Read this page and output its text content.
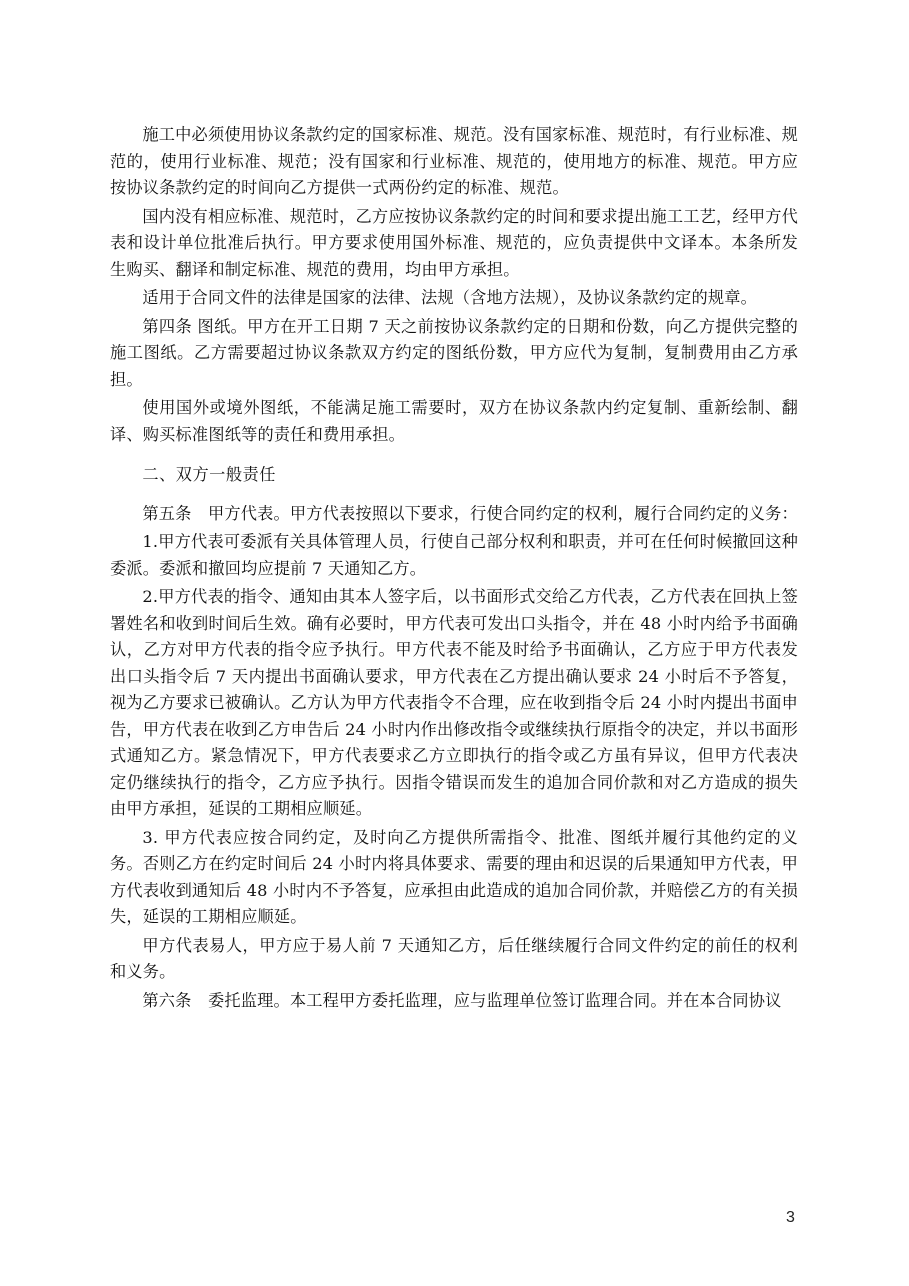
施工中必须使用协议条款约定的国家标准、规范。没有国家标准、规范时，有行业标准、规范的，使用行业标准、规范；没有国家和行业标准、规范的，使用地方的标准、规范。甲方应按协议条款约定的时间向乙方提供一式两份约定的标准、规范。

国内没有相应标准、规范时，乙方应按协议条款约定的时间和要求提出施工工艺，经甲方代表和设计单位批准后执行。甲方要求使用国外标准、规范的，应负责提供中文译本。本条所发生购买、翻译和制定标准、规范的费用，均由甲方承担。

适用于合同文件的法律是国家的法律、法规（含地方法规），及协议条款约定的规章。

第四条 图纸。甲方在开工日期 7 天之前按协议条款约定的日期和份数，向乙方提供完整的施工图纸。乙方需要超过协议条款双方约定的图纸份数，甲方应代为复制，复制费用由乙方承担。

使用国外或境外图纸，不能满足施工需要时，双方在协议条款内约定复制、重新绘制、翻译、购买标准图纸等的责任和费用承担。

二、双方一般责任

第五条　甲方代表。甲方代表按照以下要求，行使合同约定的权利，履行合同约定的义务：

1.甲方代表可委派有关具体管理人员，行使自己部分权利和职责，并可在任何时候撤回这种委派。委派和撤回均应提前 7 天通知乙方。

2.甲方代表的指令、通知由其本人签字后，以书面形式交给乙方代表，乙方代表在回执上签署姓名和收到时间后生效。确有必要时，甲方代表可发出口头指令，并在 48 小时内给予书面确认，乙方对甲方代表的指令应予执行。甲方代表不能及时给予书面确认，乙方应于甲方代表发出口头指令后 7 天内提出书面确认要求，甲方代表在乙方提出确认要求 24 小时后不予答复，视为乙方要求已被确认。乙方认为甲方代表指令不合理，应在收到指令后 24 小时内提出书面申告，甲方代表在收到乙方申告后 24 小时内作出修改指令或继续执行原指令的决定，并以书面形式通知乙方。紧急情况下，甲方代表要求乙方立即执行的指令或乙方虽有异议，但甲方代表决定仍继续执行的指令，乙方应予执行。因指令错误而发生的追加合同价款和对乙方造成的损失由甲方承担，延误的工期相应顺延。

3. 甲方代表应按合同约定，及时向乙方提供所需指令、批准、图纸并履行其他约定的义务。否则乙方在约定时间后 24 小时内将具体要求、需要的理由和迟误的后果通知甲方代表，甲方代表收到通知后 48 小时内不予答复，应承担由此造成的追加合同价款，并赔偿乙方的有关损失，延误的工期相应顺延。

甲方代表易人，甲方应于易人前 7 天通知乙方，后任继续履行合同文件约定的前任的权利和义务。

第六条　委托监理。本工程甲方委托监理，应与监理单位签订监理合同。并在本合同协议

3
